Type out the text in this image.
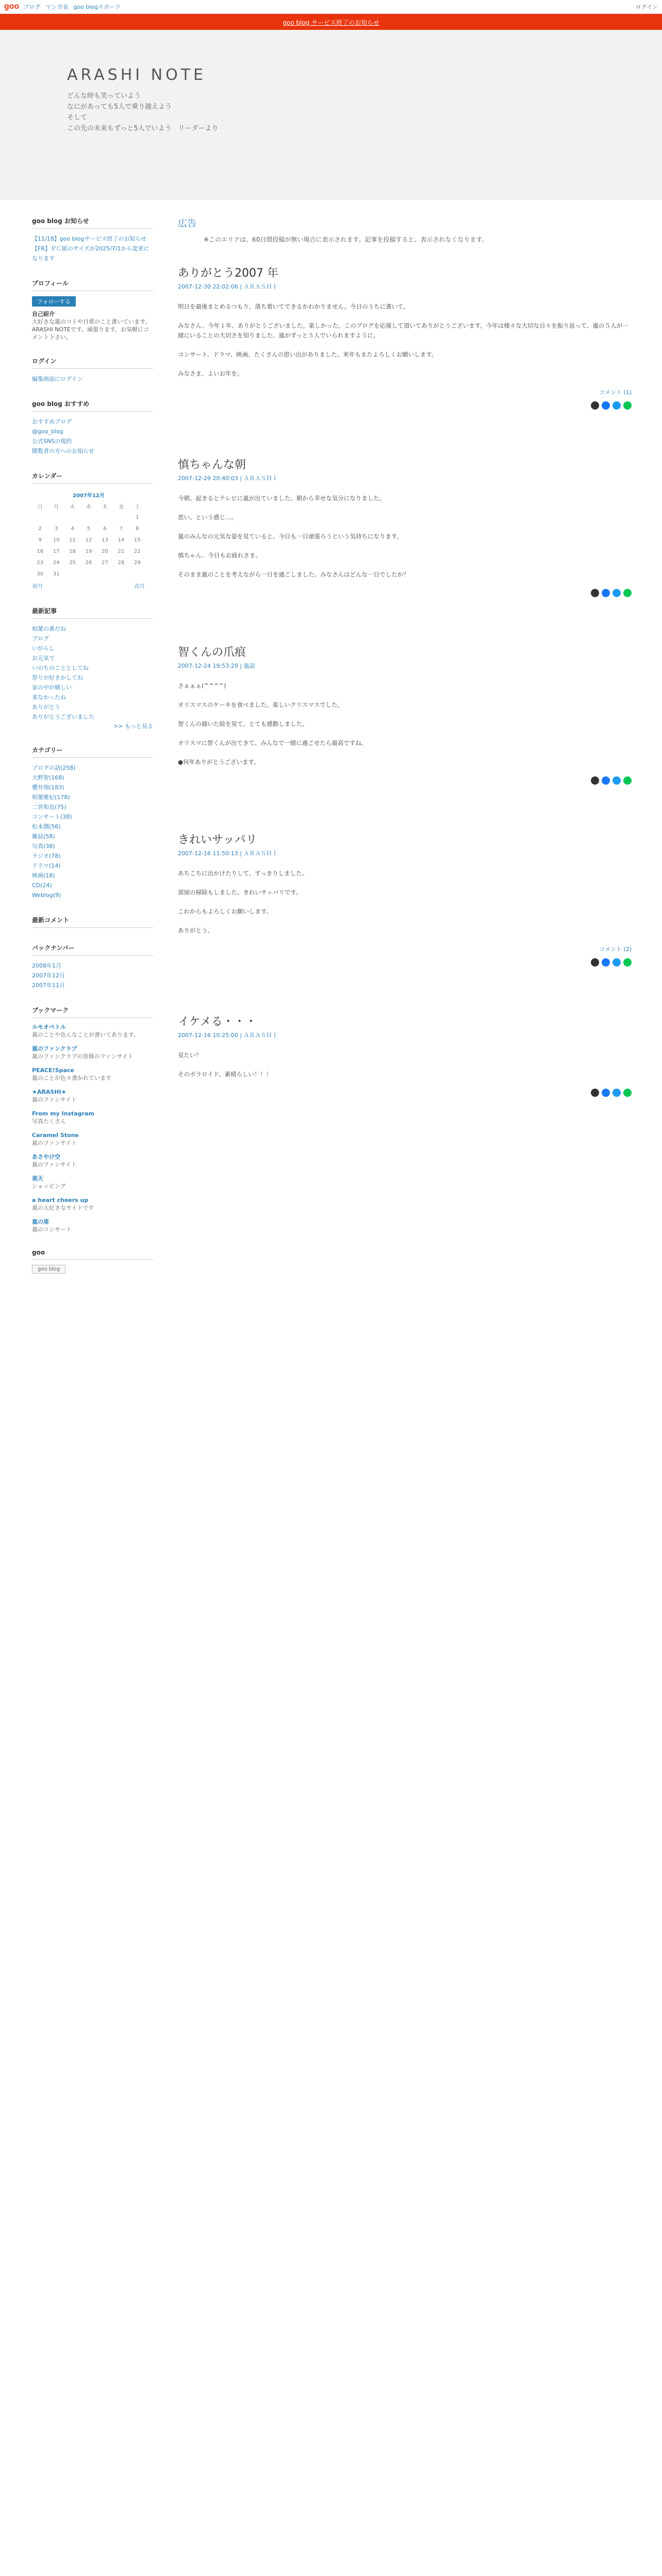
goo ブログ マンガ表 goo blogスポーツ	ログイン
goo blog サービス終了のお知らせ
ARASHI NOTE
どんな時も笑っていよう
なにがあっても5人で乗り越えよう
そして
この先の未来もずっと5人でいよう　リーダーより
goo blog お知らせ
【11/18】goo blogサービス終了のお知らせ
【FR】ＰＣ版のサイズが2025/7/1から変更になります
プロフィール
フォローする
自己紹介
大好きな嵐のコトや日常のこと書いています。ARASHI NOTEです。頑張ります。お気軽にコメント下さい。
ログイン
編集画面にログイン
goo blog おすすめ
おすすめブログ
@goo_blog
公式SNSの規約
閲覧者の方へのお知らせ
カレンダー
2007年12月						
日	月	火	水	木	金	土
						1
2	3	4	5	6	7	8
9	10	11	12	13	14	15
16	17	18	19	20	21	22
23	24	25	26	27	28	29
30	31					
前月				次月		
最新記事
相葉の番だね
ブログ
いがらし
お元気で
いのちのこととしてね
祭りが好きかしてね
家の中が嬉しい
来なかったね
ありがとう
ありがとうございました
>> もっと見る
カテゴリー
ブログの話(258)
大野智(168)
櫻井翔(183)
相葉雅紀(178)
二宮和也(75)
コンサート(38)
松本潤(56)
雑誌(58)
写真(38)
ラジオ(78)
ドラマ(14)
映画(18)
CD(24)
Weblog(9)
最新コメント
バックナンバー
2008年1月
2007年12月
2007年11月
ブックマーク
ルモオペトル
嵐のことや色んなことが書いてあります。
嵐のファンクラブ
嵐のファンクラブの皆様のファンサイト
PEACE!Space
嵐のことが色々書かれています
★ARASHI★
嵐のファンサイト
From my Instagram
写真たくさん
Caramel Stone
嵐のファンサイト
あさやけ空
嵐のファンサイト
楽天
ショッピング
a heart cheers up
嵐の大好きなサイトです
嵐の扉
嵐のコンサート
goo
goo blog
広告
※このエリアは、60日間投稿が無い場合に表示されます。記事を投稿すると、表示されなくなります。
ありがとう2007 年
2007-12-30 22:02:06 | ＡＲＡＳＨＩ

明日を最後まとめるつもり、落ち着いてできるかわかりません。今日のうちに書いて。

みなさん、今年１年、ありがとうございました。楽しかった。このブログを応援して頂いてありがとうございます。今年は様々な大切な日々を振り返って、嵐の５人が一緒にいることの大切さを知りました。嵐がずっと５人でいられますように。

コンサート、ドラマ、映画、たくさんの思い出がありました。来年もまたよろしくお願いします。

みなさま、よいお年を。

コメント (1)
慎ちゃんな朝
2007-12-29 20:40:03 | ＡＲＡＳＨＩ

今朝、起きるとテレビに嵐が出ていました。朝から幸せな気分になりました。

思い、という感じ…。

嵐のみんなの元気な姿を見ていると、今日も一日頑張ろうという気持ちになります。

慎ちゃん、今日もお疲れさま。

そのまま嵐のことを考えながら一日を過ごしました。みなさんはどんな一日でしたか？

智くんの爪痕
2007-12-24 19:53:29 | 嵐話

さぁぁぁ(^^^^)

オリスマスのケーキを食べました。楽しいクリスマスでした。

智くんの描いた絵を見て、とても感動しました。

オリスマに智くんが出てきて、みんなで一緒に過ごせたら最高ですね。

●何年ありがとうございます。

きれいサッパリ
2007-12-16 11:50:13 | ＡＲＡＳＨＩ

あちこちに出かけたりして、すっきりしました。

部屋の掃除もしました。きれいサッパリです。

これからもよろしくお願いします。

ありがとう。

コメント (2)
イケメる・・・
2007-12-16 10:25:00 | ＡＲＡＳＨＩ

見たい？

そのボラロイド、素晴らしい！！！
